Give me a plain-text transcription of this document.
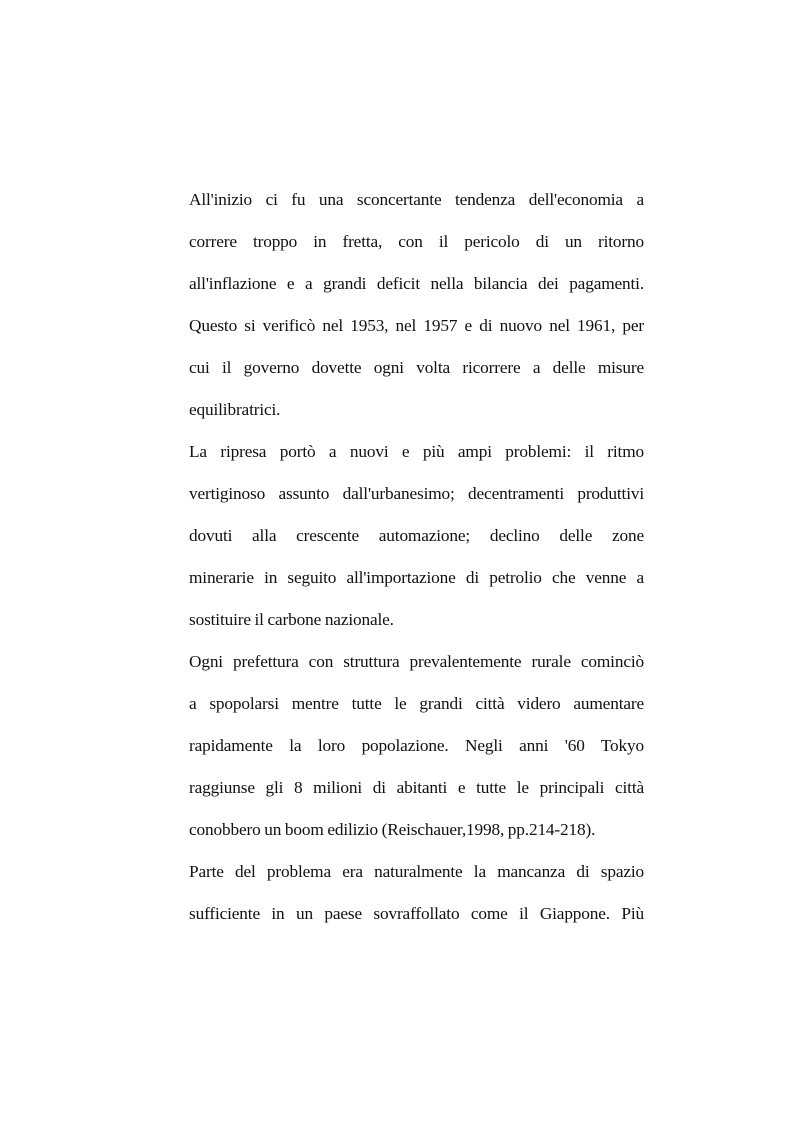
All'inizio ci fu una sconcertante tendenza dell'economia a
correre troppo in fretta, con il pericolo di un ritorno
all'inflazione e a grandi deficit nella bilancia dei pagamenti.
Questo si verificò nel 1953, nel 1957 e di nuovo nel 1961, per
cui il governo dovette ogni volta ricorrere a delle misure
equilibratrici.
La ripresa portò a nuovi e più ampi problemi: il ritmo
vertiginoso assunto dall'urbanesimo; decentramenti produttivi
dovuti alla crescente automazione; declino delle zone
minerarie in seguito all'importazione di petrolio che venne a
sostituire il carbone nazionale.
Ogni prefettura con struttura prevalentemente rurale cominciò
a spopolarsi mentre tutte le grandi città videro aumentare
rapidamente la loro popolazione. Negli anni '60 Tokyo
raggiunse gli 8 milioni di abitanti e tutte le principali città
conobbero un boom edilizio (Reischauer,1998, pp.214-218).
Parte del problema era naturalmente la mancanza di spazio
sufficiente in un paese sovraffollato come il Giappone. Più
